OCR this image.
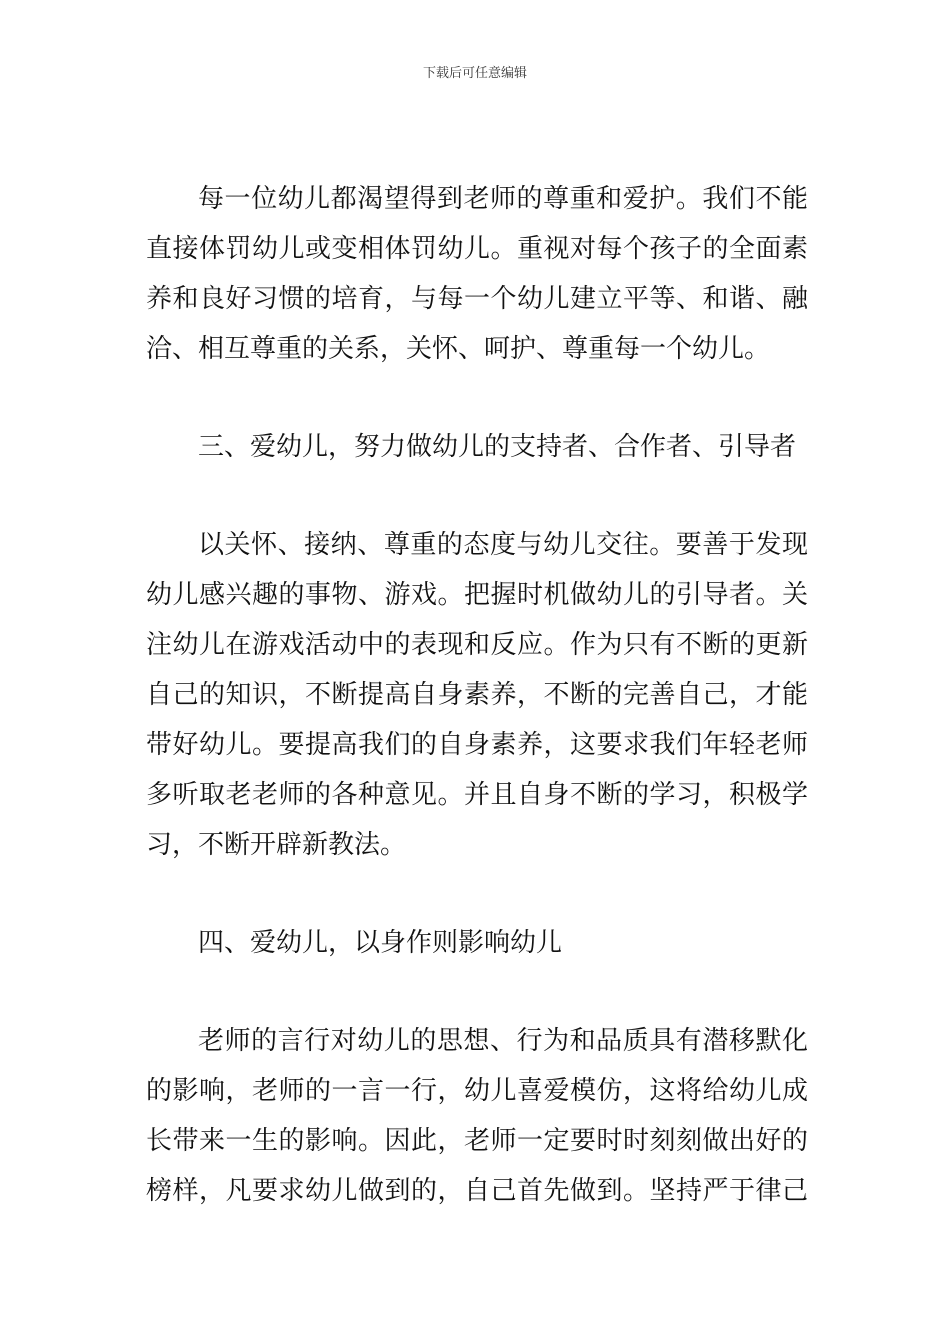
下载后可任意编辑
每一位幼儿都渴望得到老师的尊重和爱护。我们不能
直接体罚幼儿或变相体罚幼儿。重视对每个孩子的全面素
养和良好习惯的培育，与每一个幼儿建立平等、和谐、融
洽、相互尊重的关系，关怀、呵护、尊重每一个幼儿。
三、爱幼儿，努力做幼儿的支持者、合作者、引导者
以关怀、接纳、尊重的态度与幼儿交往。要善于发现
幼儿感兴趣的事物、游戏。把握时机做幼儿的引导者。关
注幼儿在游戏活动中的表现和反应。作为只有不断的更新
自己的知识，不断提高自身素养，不断的完善自己，才能
带好幼儿。要提高我们的自身素养，这要求我们年轻老师
多听取老老师的各种意见。并且自身不断的学习，积极学
习，不断开辟新教法。
四、爱幼儿，以身作则影响幼儿
老师的言行对幼儿的思想、行为和品质具有潜移默化
的影响，老师的一言一行，幼儿喜爱模仿，这将给幼儿成
长带来一生的影响。因此，老师一定要时时刻刻做出好的
榜样，凡要求幼儿做到的，自己首先做到。坚持严于律己
